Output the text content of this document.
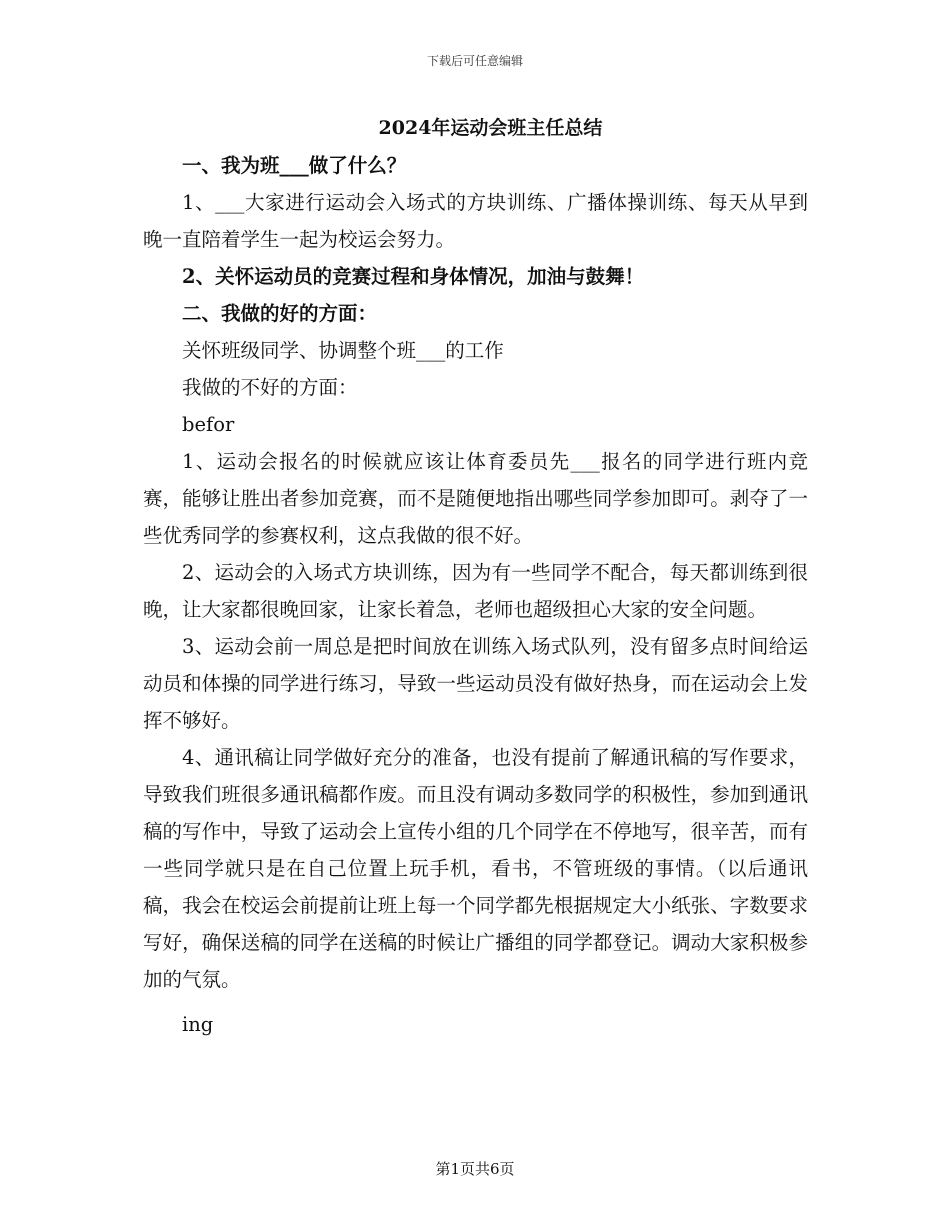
下载后可任意编辑
2024年运动会班主任总结

一、我为班___做了什么？

1、___大家进行运动会入场式的方块训练、广播体操训练、每天从早到晚一直陪着学生一起为校运会努力。

2、关怀运动员的竞赛过程和身体情况，加油与鼓舞！

二、我做的好的方面：

关怀班级同学、协调整个班___的工作

我做的不好的方面：

befor

1、运动会报名的时候就应该让体育委员先___报名的同学进行班内竞赛，能够让胜出者参加竞赛，而不是随便地指出哪些同学参加即可。剥夺了一些优秀同学的参赛权利，这点我做的很不好。

2、运动会的入场式方块训练，因为有一些同学不配合，每天都训练到很晚，让大家都很晚回家，让家长着急，老师也超级担心大家的安全问题。

3、运动会前一周总是把时间放在训练入场式队列，没有留多点时间给运动员和体操的同学进行练习，导致一些运动员没有做好热身，而在运动会上发挥不够好。

4、通讯稿让同学做好充分的准备，也没有提前了解通讯稿的写作要求，导致我们班很多通讯稿都作废。而且没有调动多数同学的积极性，参加到通讯稿的写作中，导致了运动会上宣传小组的几个同学在不停地写，很辛苦，而有一些同学就只是在自己位置上玩手机，看书，不管班级的事情。（以后通讯稿，我会在校运会前提前让班上每一个同学都先根据规定大小纸张、字数要求写好，确保送稿的同学在送稿的时候让广播组的同学都登记。调动大家积极参加的气氛。

ing

第1页共6页
